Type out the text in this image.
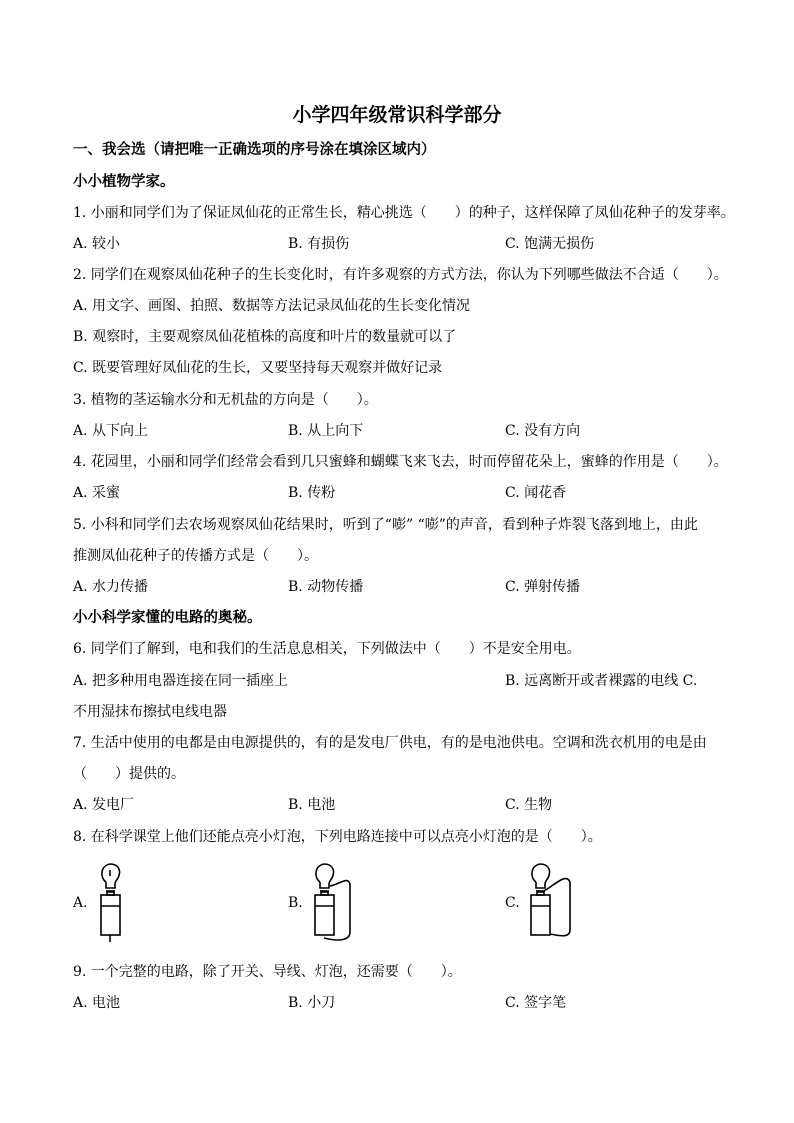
小学四年级常识科学部分
一、我会选（请把唯一正确选项的序号涂在填涂区域内）
小小植物学家。
1. 小丽和同学们为了保证凤仙花的正常生长，精心挑选（　　）的种子，这样保障了凤仙花种子的发芽率。
A. 较小	B. 有损伤	C. 饱满无损伤
2. 同学们在观察凤仙花种子的生长变化时，有许多观察的方式方法，你认为下列哪些做法不合适（　　）。
A. 用文字、画图、拍照、数据等方法记录凤仙花的生长变化情况
B. 观察时，主要观察凤仙花植株的高度和叶片的数量就可以了
C. 既要管理好凤仙花的生长，又要坚持每天观察并做好记录
3. 植物的茎运输水分和无机盐的方向是（　　）。
A. 从下向上	B. 从上向下	C. 没有方向
4. 花园里，小丽和同学们经常会看到几只蜜蜂和蝴蝶飞来飞去，时而停留花朵上，蜜蜂的作用是（　　）。
A. 采蜜	B. 传粉	C. 闻花香
5. 小科和同学们去农场观察凤仙花结果时，听到了“嘭” “嘭”的声音，看到种子炸裂飞落到地上，由此
推测凤仙花种子的传播方式是（　　）。
A. 水力传播	B. 动物传播	C. 弹射传播
小小科学家懂的电路的奥秘。
6. 同学们了解到，电和我们的生活息息相关，下列做法中（　　）不是安全用电。
A. 把多种用电器连接在同一插座上	B. 远离断开或者裸露的电线 C.
不用湿抹布擦拭电线电器
7. 生活中使用的电都是由电源提供的，有的是发电厂供电，有的是电池供电。空调和洗衣机用的电是由
（　　）提供的。
A. 发电厂	B. 电池	C. 生物
8. 在科学课堂上他们还能点亮小灯泡，下列电路连接中可以点亮小灯泡的是（　　）。
A.	B.	C.
9. 一个完整的电路，除了开关、导线、灯泡，还需要（　　）。
A. 电池	B. 小刀	C. 签字笔
